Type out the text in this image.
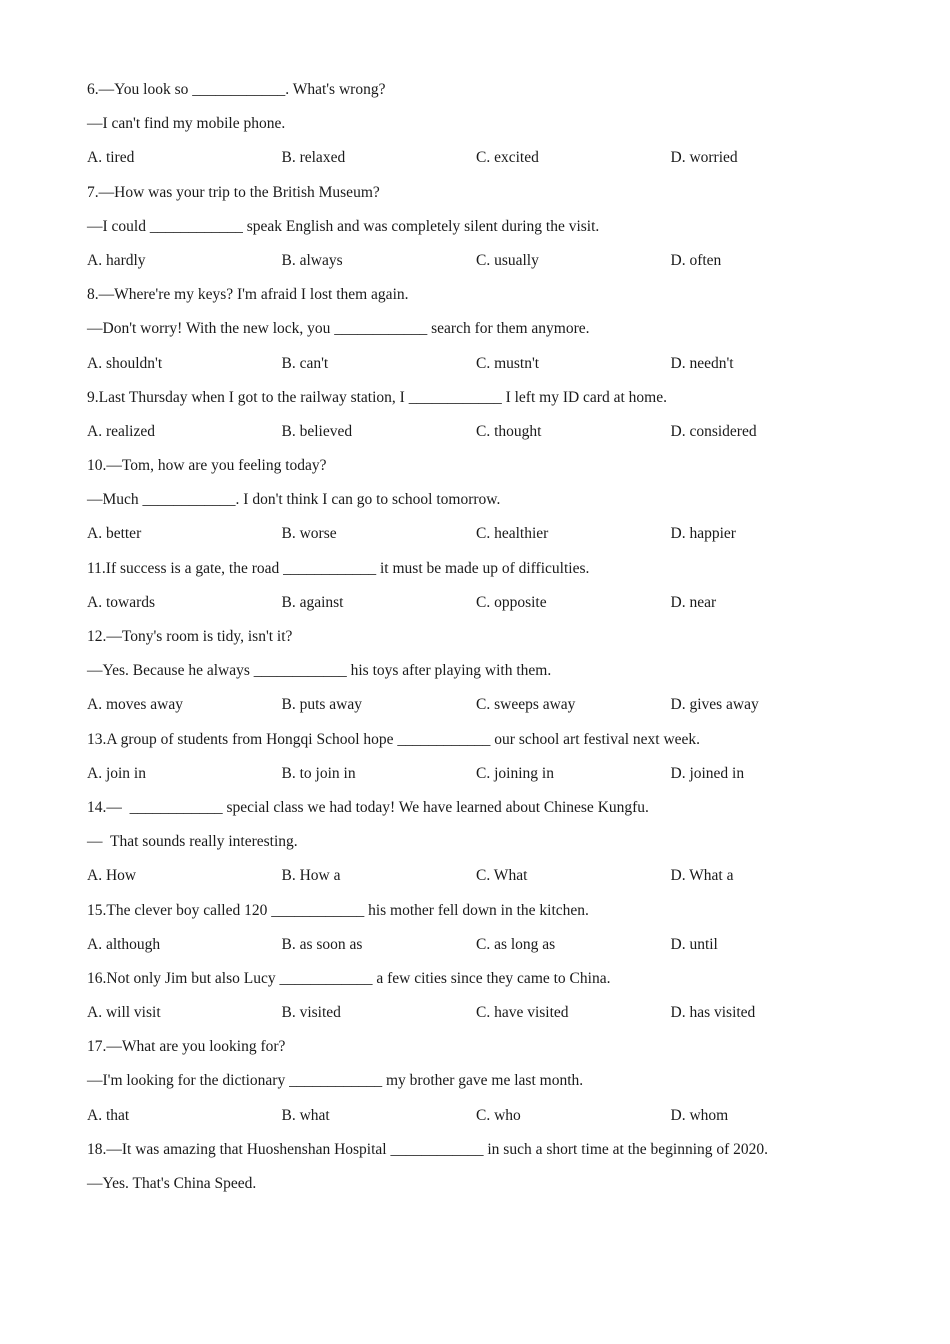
6.—You look so ____________. What's wrong?
—I can't find my mobile phone.
A. tired	B. relaxed	C. excited	D. worried
7.—How was your trip to the British Museum?
—I could ____________ speak English and was completely silent during the visit.
A. hardly	B. always	C. usually	D. often
8.—Where're my keys? I'm afraid I lost them again.
—Don't worry! With the new lock, you ____________ search for them anymore.
A. shouldn't	B. can't	C. mustn't	D. needn't
9.Last Thursday when I got to the railway station, I ____________ I left my ID card at home.
A. realized	B. believed	C. thought	D. considered
10.—Tom, how are you feeling today?
—Much ____________. I don't think I can go to school tomorrow.
A. better	B. worse	C. healthier	D. happier
11.If success is a gate, the road ____________ it must be made up of difficulties.
A. towards	B. against	C. opposite	D. near
12.—Tony's room is tidy, isn't it?
—Yes. Because he always ____________ his toys after playing with them.
A. moves away	B. puts away	C. sweeps away	D. gives away
13.A group of students from Hongqi School hope ____________ our school art festival next week.
A. join in	B. to join in	C. joining in	D. joined in
14.—  ____________ special class we had today! We have learned about Chinese Kungfu.
—  That sounds really interesting.
A. How	B. How a	C. What	D. What a
15.The clever boy called 120 ____________ his mother fell down in the kitchen.
A. although	B. as soon as	C. as long as	D. until
16.Not only Jim but also Lucy ____________ a few cities since they came to China.
A. will visit	B. visited	C. have visited	D. has visited
17.—What are you looking for?
—I'm looking for the dictionary ____________ my brother gave me last month.
A. that	B. what	C. who	D. whom
18.—It was amazing that Huoshenshan Hospital ____________ in such a short time at the beginning of 2020.
—Yes. That's China Speed.
